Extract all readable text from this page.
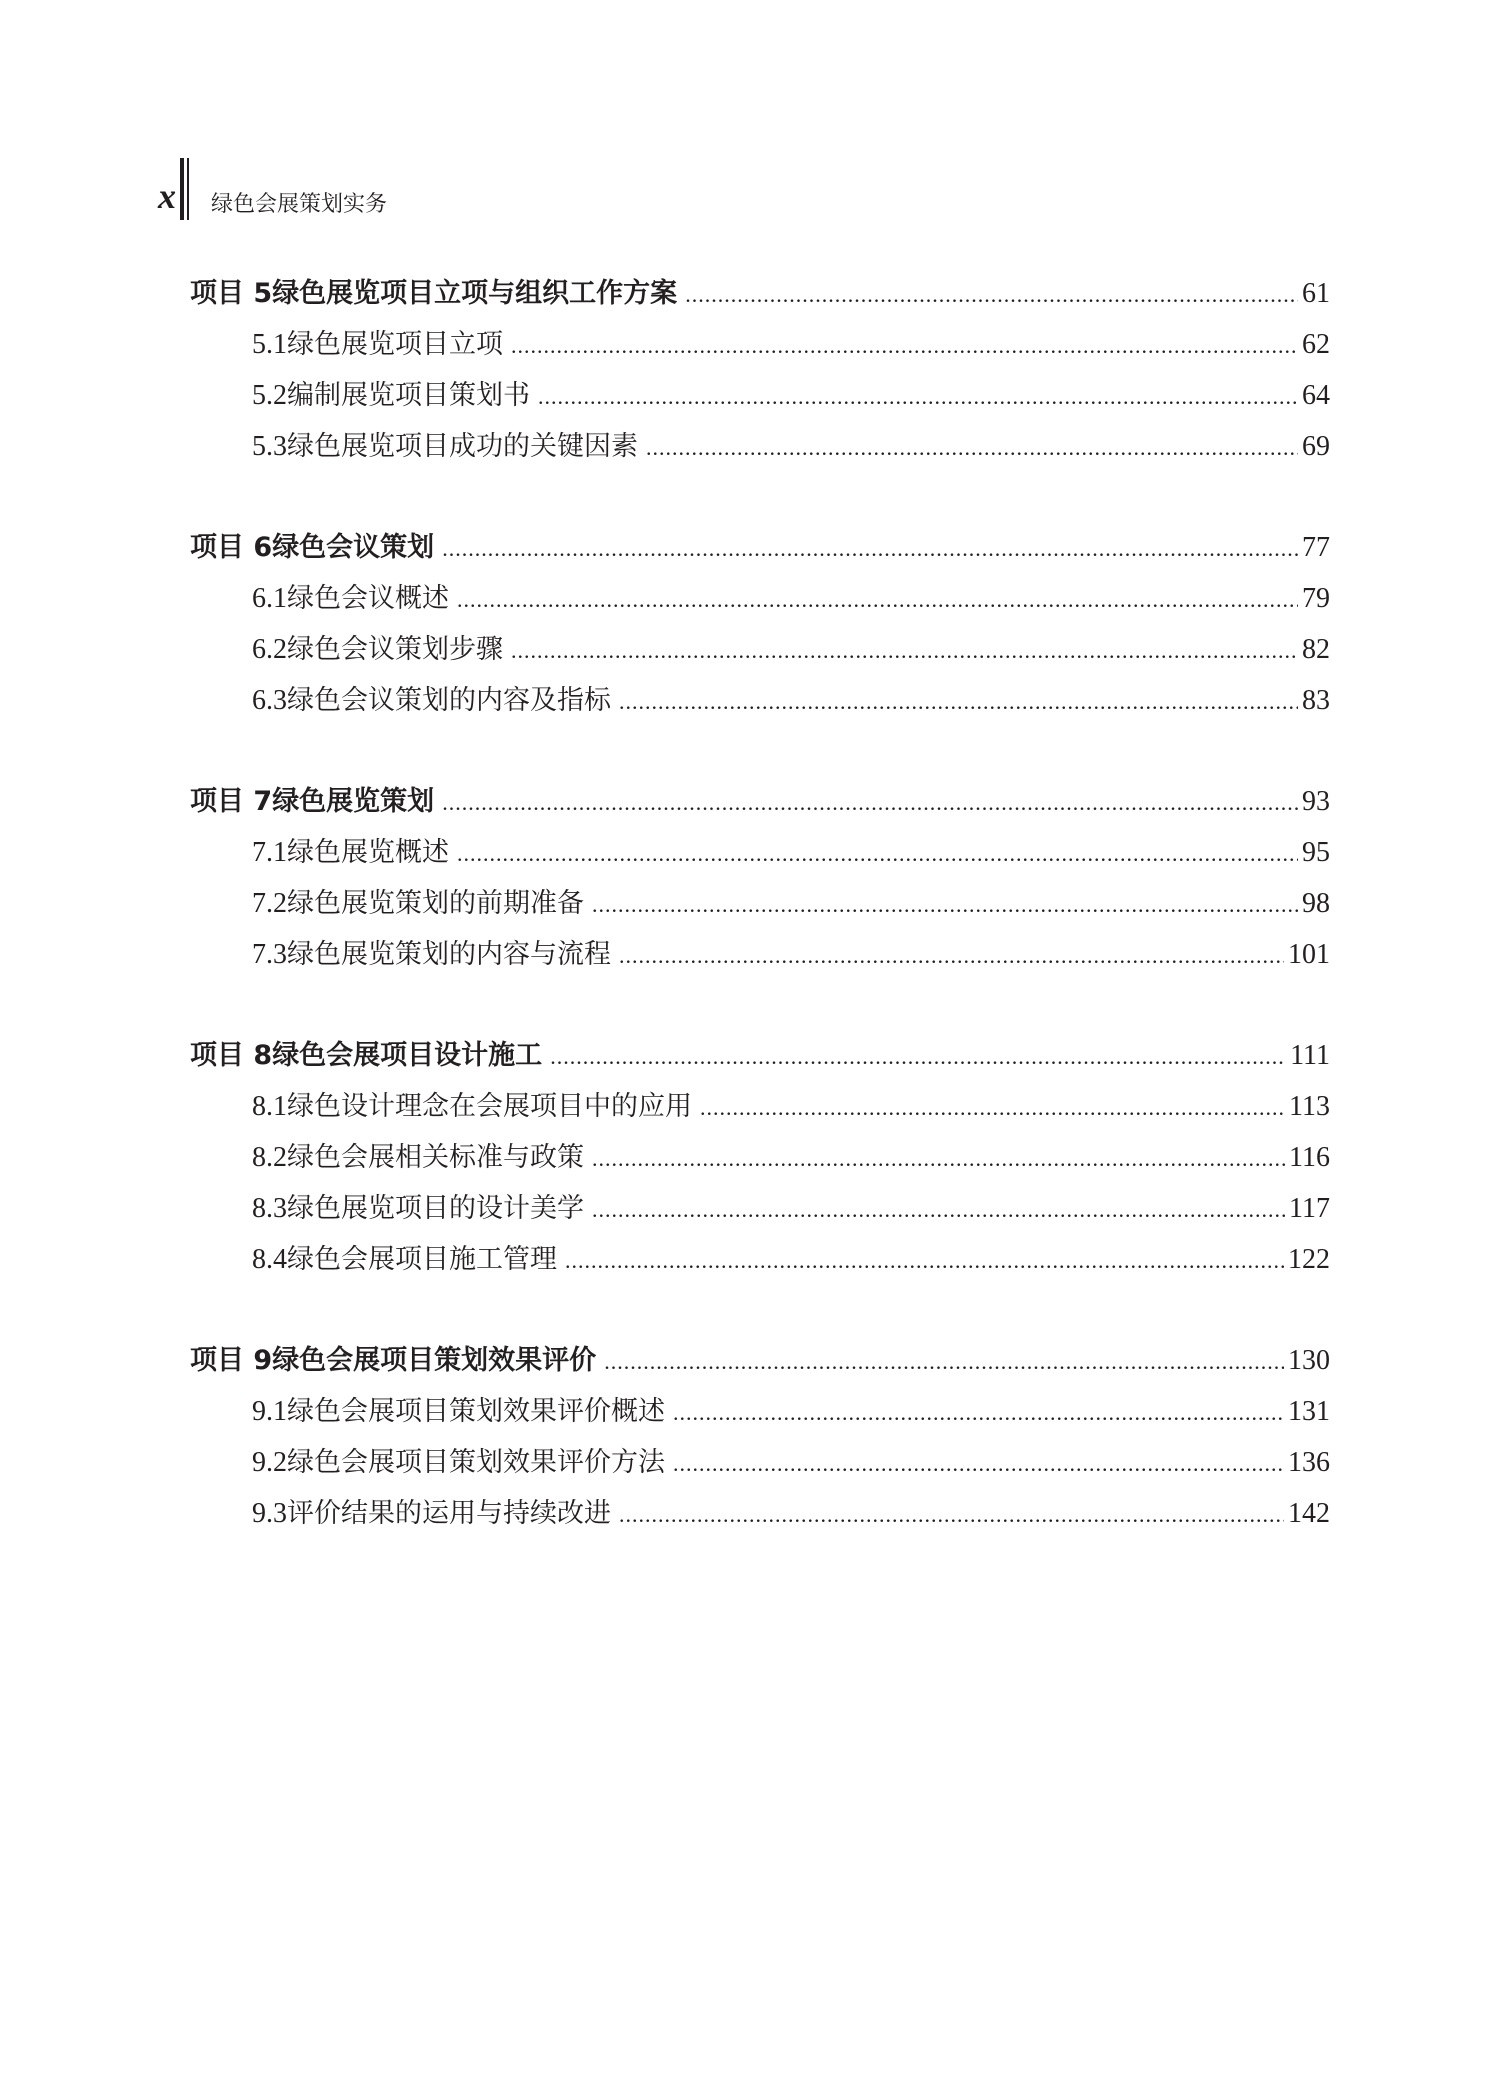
x 绿色会展策划实务
项目 5 绿色展览项目立项与组织工作方案 .....	61
5.1 绿色展览项目立项 .....	62
5.2 编制展览项目策划书 .....	64
5.3 绿色展览项目成功的关键因素 .....	69
项目 6 绿色会议策划 .....	77
6.1 绿色会议概述 .....	79
6.2 绿色会议策划步骤 .....	82
6.3 绿色会议策划的内容及指标 .....	83
项目 7 绿色展览策划 .....	93
7.1 绿色展览概述 .....	95
7.2 绿色展览策划的前期准备 .....	98
7.3 绿色展览策划的内容与流程 .....	101
项目 8 绿色会展项目设计施工 .....	111
8.1 绿色设计理念在会展项目中的应用 .....	113
8.2 绿色会展相关标准与政策 .....	116
8.3 绿色展览项目的设计美学 .....	117
8.4 绿色会展项目施工管理 .....	122
项目 9 绿色会展项目策划效果评价 .....	130
9.1 绿色会展项目策划效果评价概述 .....	131
9.2 绿色会展项目策划效果评价方法 .....	136
9.3 评价结果的运用与持续改进 .....	142
